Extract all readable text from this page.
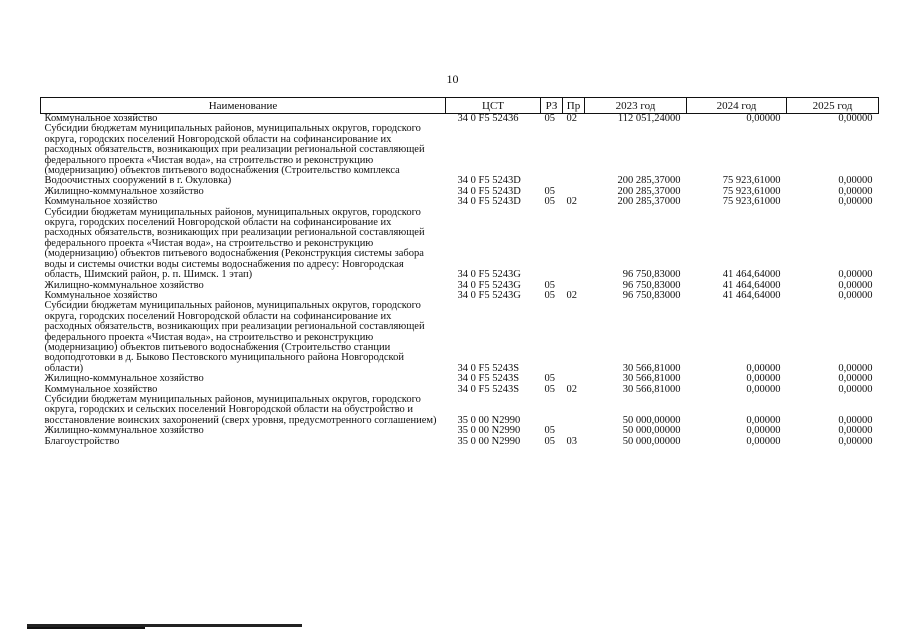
10
Наименование	ЦСТ	РЗ	Пр	2023 год	2024 год	2025 год
Коммунальное хозяйство	34 0 F5 52436	05	02	112 051,24000	0,00000	0,00000
Субсидии бюджетам муниципальных районов, муниципальных округов, городского округа, городских поселений Новгородской области на софинансирование их расходных обязательств, возникающих при реализации региональной составляющей федерального проекта «Чистая вода», на строительство и реконструкцию (модернизацию) объектов питьевого водоснабжения (Строительство комплекса Водоочистных сооружений в г. Окуловка)	34 0 F5 5243D			200 285,37000	75 923,61000	0,00000
Жилищно-коммунальное хозяйство	34 0 F5 5243D	05		200 285,37000	75 923,61000	0,00000
Коммунальное хозяйство	34 0 F5 5243D	05	02	200 285,37000	75 923,61000	0,00000
Субсидии бюджетам муниципальных районов, муниципальных округов, городского округа, городских поселений Новгородской области на софинансирование их расходных обязательств, возникающих при реализации региональной составляющей федерального проекта «Чистая вода», на строительство и реконструкцию (модернизацию) объектов питьевого водоснабжения (Реконструкция системы забора воды и системы очистки воды системы водоснабжения по адресу: Новгородская область, Шимский район, р. п. Шимск. 1 этап)	34 0 F5 5243G			96 750,83000	41 464,64000	0,00000
Жилищно-коммунальное хозяйство	34 0 F5 5243G	05		96 750,83000	41 464,64000	0,00000
Коммунальное хозяйство	34 0 F5 5243G	05	02	96 750,83000	41 464,64000	0,00000
Субсидии бюджетам муниципальных районов, муниципальных округов, городского округа, городских поселений Новгородской области на софинансирование их расходных обязательств, возникающих при реализации региональной составляющей федерального проекта «Чистая вода», на строительство и реконструкцию (модернизацию) объектов питьевого водоснабжения (Строительство станции водоподготовки в д. Быково Пестовского муниципального района Новгородской области)	34 0 F5 5243S			30 566,81000	0,00000	0,00000
Жилищно-коммунальное хозяйство	34 0 F5 5243S	05		30 566,81000	0,00000	0,00000
Коммунальное хозяйство	34 0 F5 5243S	05	02	30 566,81000	0,00000	0,00000
Субсидии бюджетам муниципальных районов, муниципальных округов, городского округа, городских и сельских поселений Новгородской области на обустройство и восстановление воинских захоронений (сверх уровня, предусмотренного соглашением)	35 0 00 N2990			50 000,00000	0,00000	0,00000
Жилищно-коммунальное хозяйство	35 0 00 N2990	05		50 000,00000	0,00000	0,00000
Благоустройство	35 0 00 N2990	05	03	50 000,00000	0,00000	0,00000
